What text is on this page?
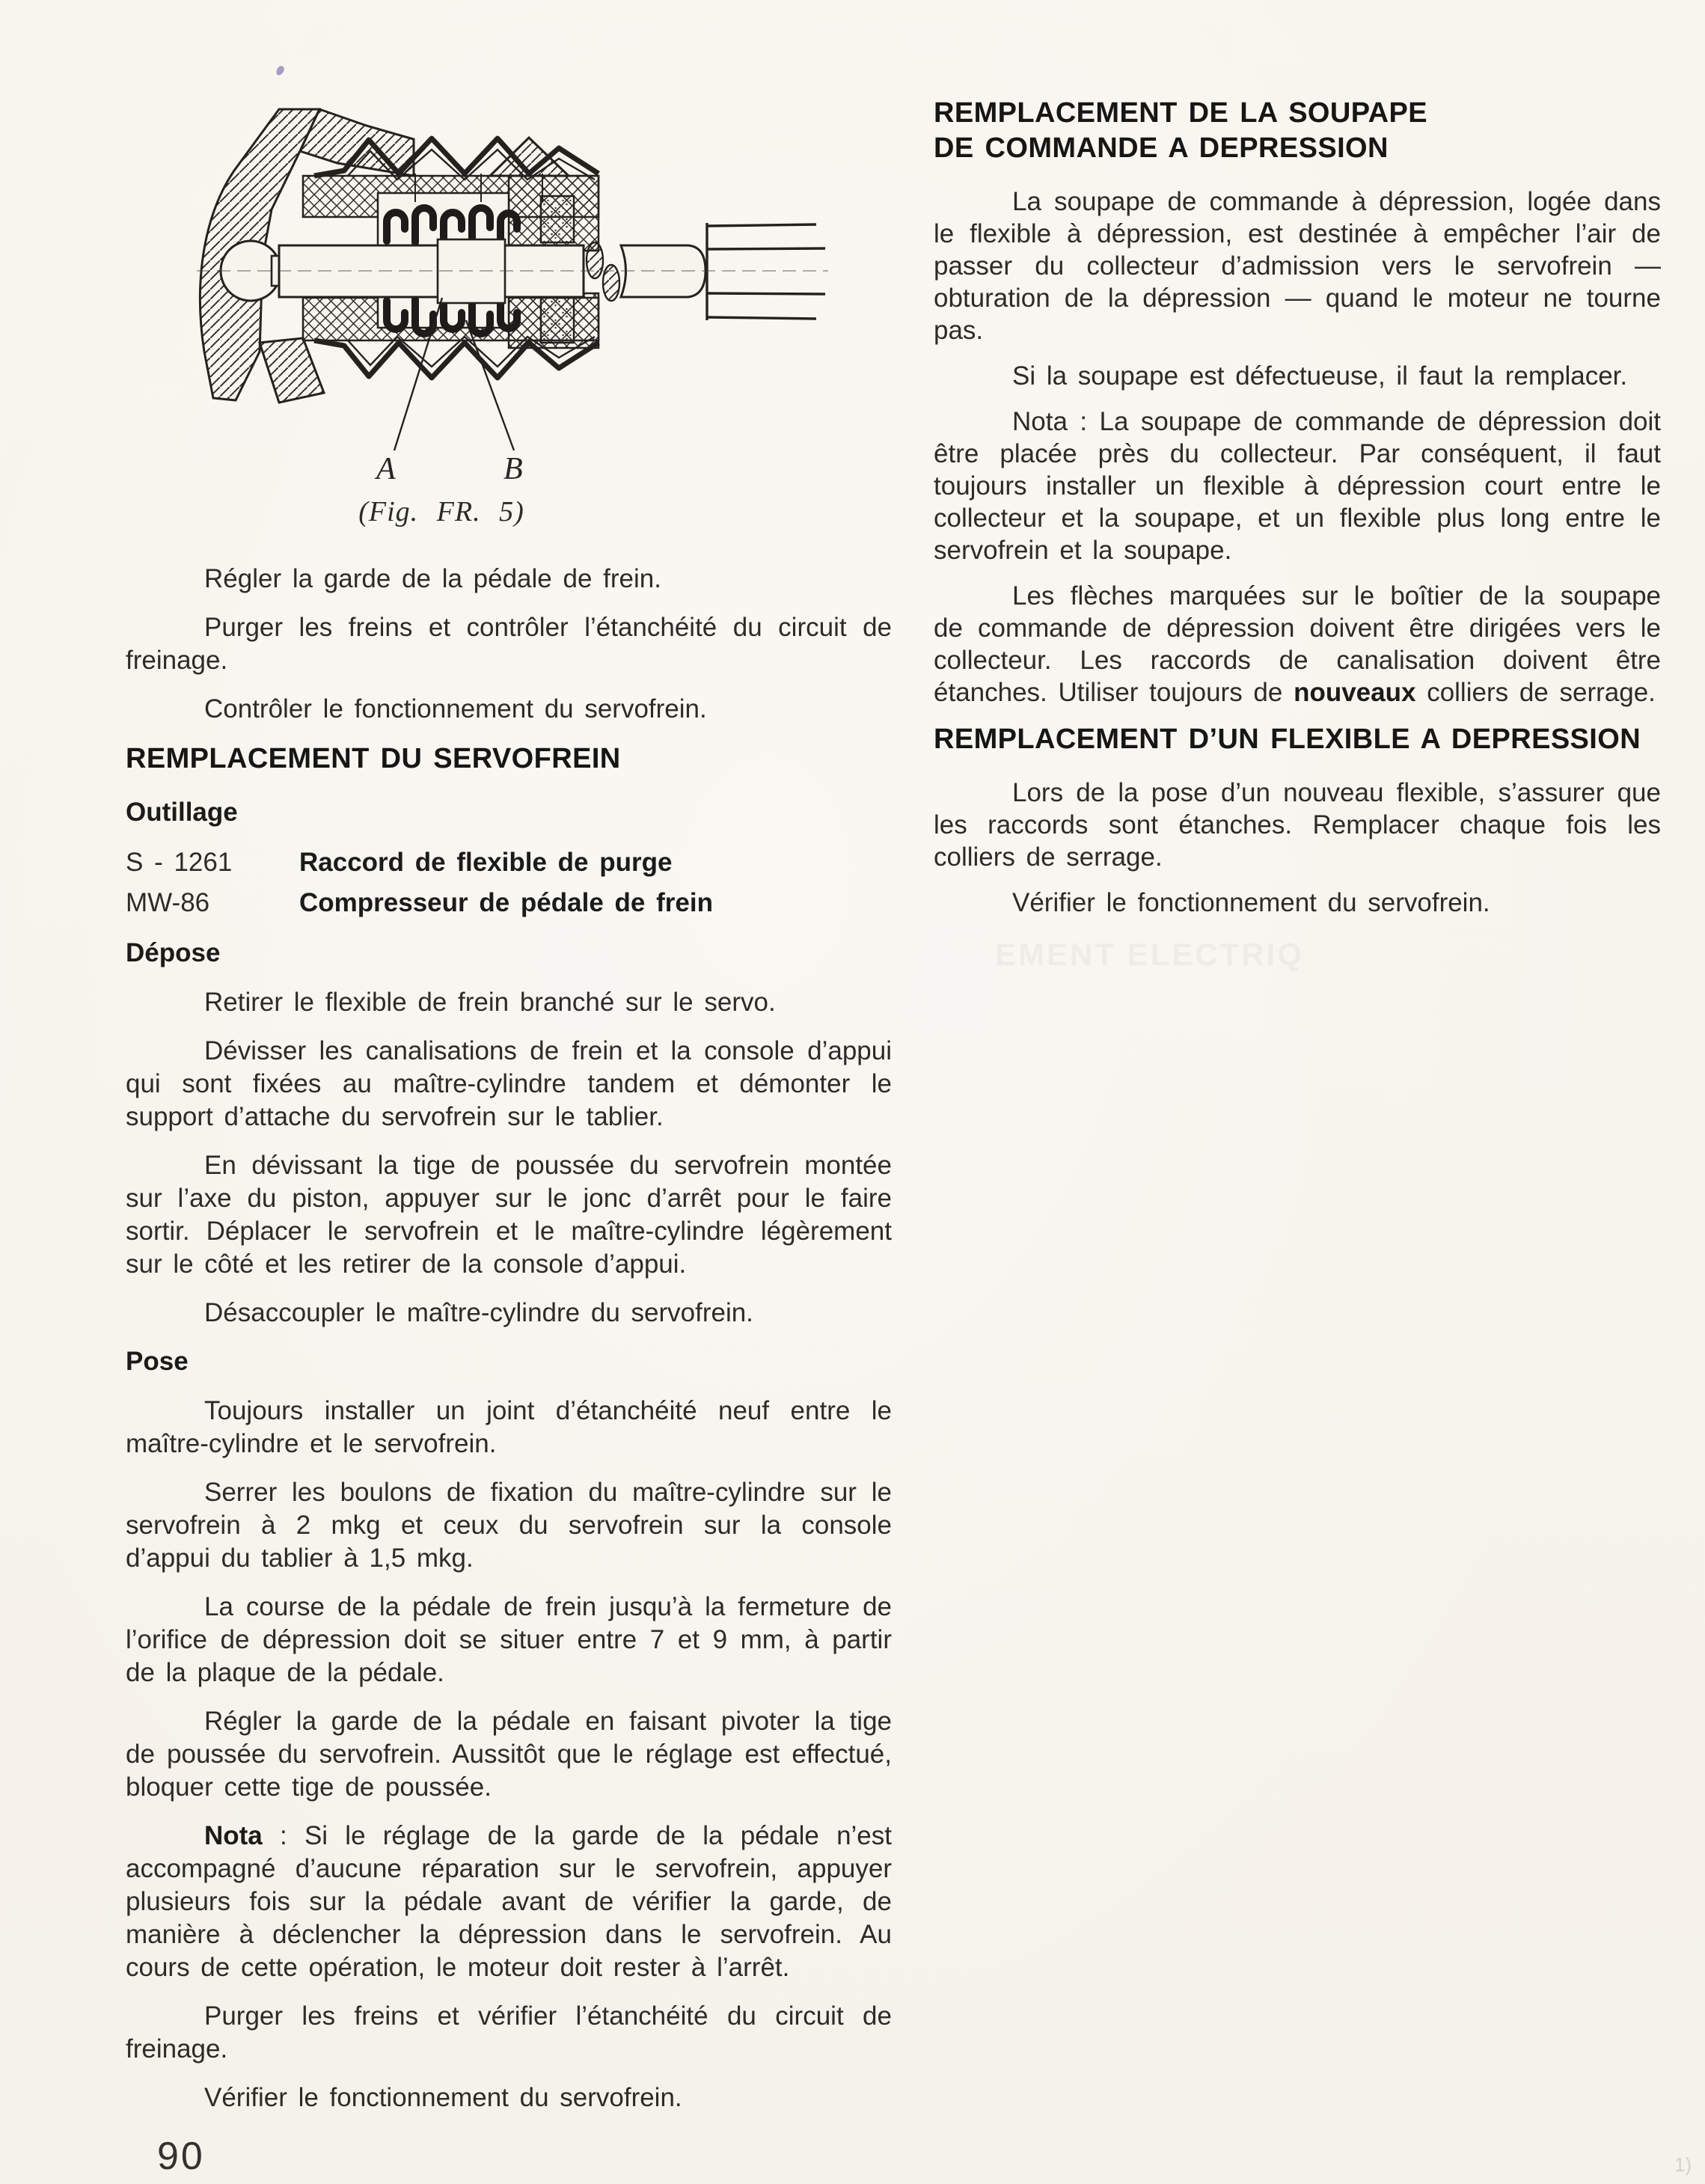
A	B
(Fig. FR. 5)

Régler la garde de la pédale de frein.

Purger les freins et contrôler l’étanchéité du circuit de freinage.

Contrôler le fonctionnement du servofrein.

REMPLACEMENT DU SERVOFREIN
Outillage
S - 1261	Raccord de flexible de purge
MW-86	Compresseur de pédale de frein
Dépose

Retirer le flexible de frein branché sur le servo.

Dévisser les canalisations de frein et la console d’appui qui sont fixées au maître-cylindre tandem et démonter le support d’attache du servofrein sur le tablier.

En dévissant la tige de poussée du servofrein montée sur l’axe du piston, appuyer sur le jonc d’arrêt pour le faire sortir. Déplacer le servofrein et le maître-cylindre légèrement sur le côté et les retirer de la console d’appui.

Désaccoupler le maître-cylindre du servofrein.

Pose

Toujours installer un joint d’étanchéité neuf entre le maître-cylindre et le servofrein.

Serrer les boulons de fixation du maître-cylindre sur le servofrein à 2 mkg et ceux du servofrein sur la console d’appui du tablier à 1,5 mkg.

La course de la pédale de frein jusqu’à la fermeture de l’orifice de dépression doit se situer entre 7 et 9 mm, à partir de la plaque de la pédale.

Régler la garde de la pédale en faisant pivoter la tige de poussée du servofrein. Aussitôt que le réglage est effectué, bloquer cette tige de poussée.

Nota : Si le réglage de la garde de la pédale n’est accompagné d’aucune réparation sur le servofrein, appuyer plusieurs fois sur la pédale avant de vérifier la garde, de manière à déclencher la dépression dans le servofrein. Au cours de cette opération, le moteur doit rester à l’arrêt.

Purger les freins et vérifier l’étanchéité du circuit de freinage.

Vérifier le fonctionnement du servofrein.

REMPLACEMENT DE LA SOUPAPE
DE COMMANDE A DEPRESSION

La soupape de commande à dépression, logée dans le flexible à dépression, est destinée à empêcher l’air de passer du collecteur d’admission vers le servofrein — obturation de la dépression — quand le moteur ne tourne pas.

Si la soupape est défectueuse, il faut la remplacer.

Nota : La soupape de commande de dépression doit être placée près du collecteur. Par conséquent, il faut toujours installer un flexible à dépression court entre le collecteur et la soupape, et un flexible plus long entre le servofrein et la soupape.

Les flèches marquées sur le boîtier de la soupape de commande de dépression doivent être dirigées vers le collecteur. Les raccords de canalisation doivent être étanches. Utiliser toujours de nouveaux colliers de serrage.

REMPLACEMENT D’UN FLEXIBLE A DEPRESSION

Lors de la pose d’un nouveau flexible, s’assurer que les raccords sont étanches. Remplacer chaque fois les colliers de serrage.

Vérifier le fonctionnement du servofrein.

EMENT ELECTRIQ
90	1)
